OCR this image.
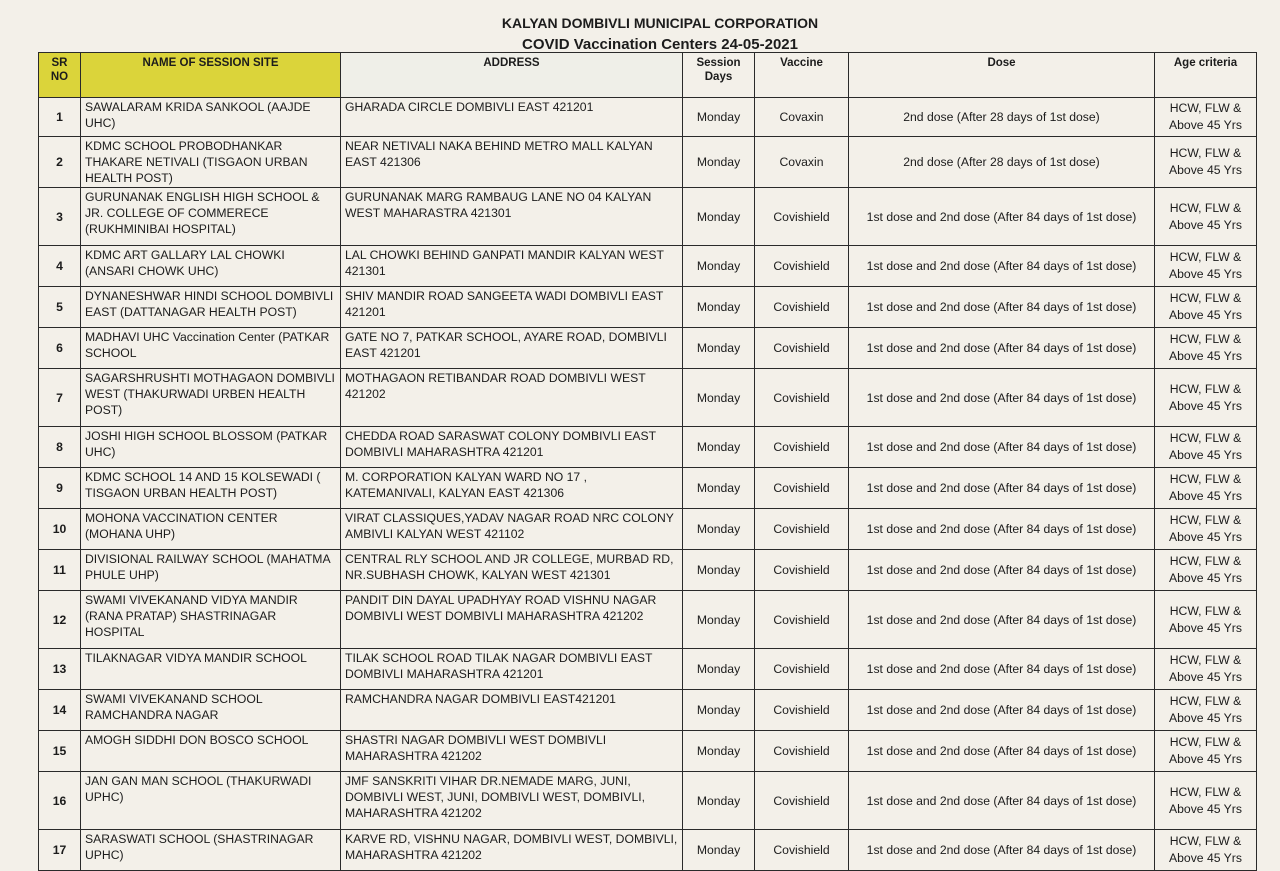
KALYAN DOMBIVLI MUNICIPAL CORPORATION
COVID Vaccination Centers 24-05-2021
SR NO	NAME OF SESSION SITE	ADDRESS	Session Days	Vaccine	Dose	Age criteria
1	SAWALARAM KRIDA SANKOOL (AAJDE UHC)	GHARADA CIRCLE DOMBIVLI EAST 421201	Monday	Covaxin	2nd dose (After 28 days of 1st dose)	HCW, FLW & Above 45 Yrs
2	KDMC SCHOOL PROBODHANKAR THAKARE NETIVALI (TISGAON URBAN HEALTH POST)	NEAR NETIVALI NAKA BEHIND METRO MALL KALYAN EAST 421306	Monday	Covaxin	2nd dose (After 28 days of 1st dose)	HCW, FLW & Above 45 Yrs
3	GURUNANAK ENGLISH HIGH SCHOOL & JR. COLLEGE OF COMMERECE (RUKHMINIBAI HOSPITAL)	GURUNANAK MARG RAMBAUG LANE NO 04 KALYAN WEST MAHARASTRA 421301	Monday	Covishield	1st dose and 2nd dose (After 84 days of 1st dose)	HCW, FLW & Above 45 Yrs
4	KDMC ART GALLARY LAL CHOWKI (ANSARI CHOWK UHC)	LAL CHOWKI BEHIND GANPATI MANDIR KALYAN WEST 421301	Monday	Covishield	1st dose and 2nd dose (After 84 days of 1st dose)	HCW, FLW & Above 45 Yrs
5	DYNANESHWAR HINDI SCHOOL DOMBIVLI EAST (DATTANAGAR HEALTH POST)	SHIV MANDIR ROAD SANGEETA WADI DOMBIVLI EAST 421201	Monday	Covishield	1st dose and 2nd dose (After 84 days of 1st dose)	HCW, FLW & Above 45 Yrs
6	MADHAVI UHC Vaccination Center (PATKAR SCHOOL	GATE NO 7, PATKAR SCHOOL, AYARE ROAD, DOMBIVLI EAST 421201	Monday	Covishield	1st dose and 2nd dose (After 84 days of 1st dose)	HCW, FLW & Above 45 Yrs
7	SAGARSHRUSHTI MOTHAGAON DOMBIVLI WEST (THAKURWADI URBEN HEALTH POST)	MOTHAGAON RETIBANDAR ROAD DOMBIVLI WEST 421202	Monday	Covishield	1st dose and 2nd dose (After 84 days of 1st dose)	HCW, FLW & Above 45 Yrs
8	JOSHI HIGH SCHOOL BLOSSOM (PATKAR UHC)	CHEDDA ROAD SARASWAT COLONY DOMBIVLI EAST DOMBIVLI MAHARASHTRA 421201	Monday	Covishield	1st dose and 2nd dose (After 84 days of 1st dose)	HCW, FLW & Above 45 Yrs
9	KDMC SCHOOL 14 AND 15 KOLSEWADI ( TISGAON URBAN HEALTH POST)	M. CORPORATION KALYAN WARD NO 17 , KATEMANIVALI, KALYAN EAST 421306	Monday	Covishield	1st dose and 2nd dose (After 84 days of 1st dose)	HCW, FLW & Above 45 Yrs
10	MOHONA VACCINATION CENTER (MOHANA UHP)	VIRAT CLASSIQUES,YADAV NAGAR ROAD NRC COLONY AMBIVLI KALYAN WEST 421102	Monday	Covishield	1st dose and 2nd dose (After 84 days of 1st dose)	HCW, FLW & Above 45 Yrs
11	DIVISIONAL RAILWAY SCHOOL (MAHATMA PHULE UHP)	CENTRAL RLY SCHOOL AND JR COLLEGE, MURBAD RD, NR.SUBHASH CHOWK, KALYAN WEST 421301	Monday	Covishield	1st dose and 2nd dose (After 84 days of 1st dose)	HCW, FLW & Above 45 Yrs
12	SWAMI VIVEKANAND VIDYA MANDIR (RANA PRATAP) SHASTRINAGAR HOSPITAL	PANDIT DIN DAYAL UPADHYAY ROAD VISHNU NAGAR DOMBIVLI WEST DOMBIVLI MAHARASHTRA 421202	Monday	Covishield	1st dose and 2nd dose (After 84 days of 1st dose)	HCW, FLW & Above 45 Yrs
13	TILAKNAGAR VIDYA MANDIR SCHOOL	TILAK SCHOOL ROAD TILAK NAGAR DOMBIVLI EAST DOMBIVLI MAHARASHTRA 421201	Monday	Covishield	1st dose and 2nd dose (After 84 days of 1st dose)	HCW, FLW & Above 45 Yrs
14	SWAMI VIVEKANAND SCHOOL RAMCHANDRA NAGAR	RAMCHANDRA NAGAR DOMBIVLI EAST421201	Monday	Covishield	1st dose and 2nd dose (After 84 days of 1st dose)	HCW, FLW & Above 45 Yrs
15	AMOGH SIDDHI DON BOSCO SCHOOL	SHASTRI NAGAR DOMBIVLI WEST DOMBIVLI MAHARASHTRA 421202	Monday	Covishield	1st dose and 2nd dose (After 84 days of 1st dose)	HCW, FLW & Above 45 Yrs
16	JAN GAN MAN SCHOOL (THAKURWADI UPHC)	JMF SANSKRITI VIHAR DR.NEMADE MARG, JUNI, DOMBIVLI WEST, JUNI, DOMBIVLI WEST, DOMBIVLI, MAHARASHTRA 421202	Monday	Covishield	1st dose and 2nd dose (After 84 days of 1st dose)	HCW, FLW & Above 45 Yrs
17	SARASWATI SCHOOL (SHASTRINAGAR UPHC)	KARVE RD, VISHNU NAGAR, DOMBIVLI WEST, DOMBIVLI, MAHARASHTRA 421202	Monday	Covishield	1st dose and 2nd dose (After 84 days of 1st dose)	HCW, FLW & Above 45 Yrs
